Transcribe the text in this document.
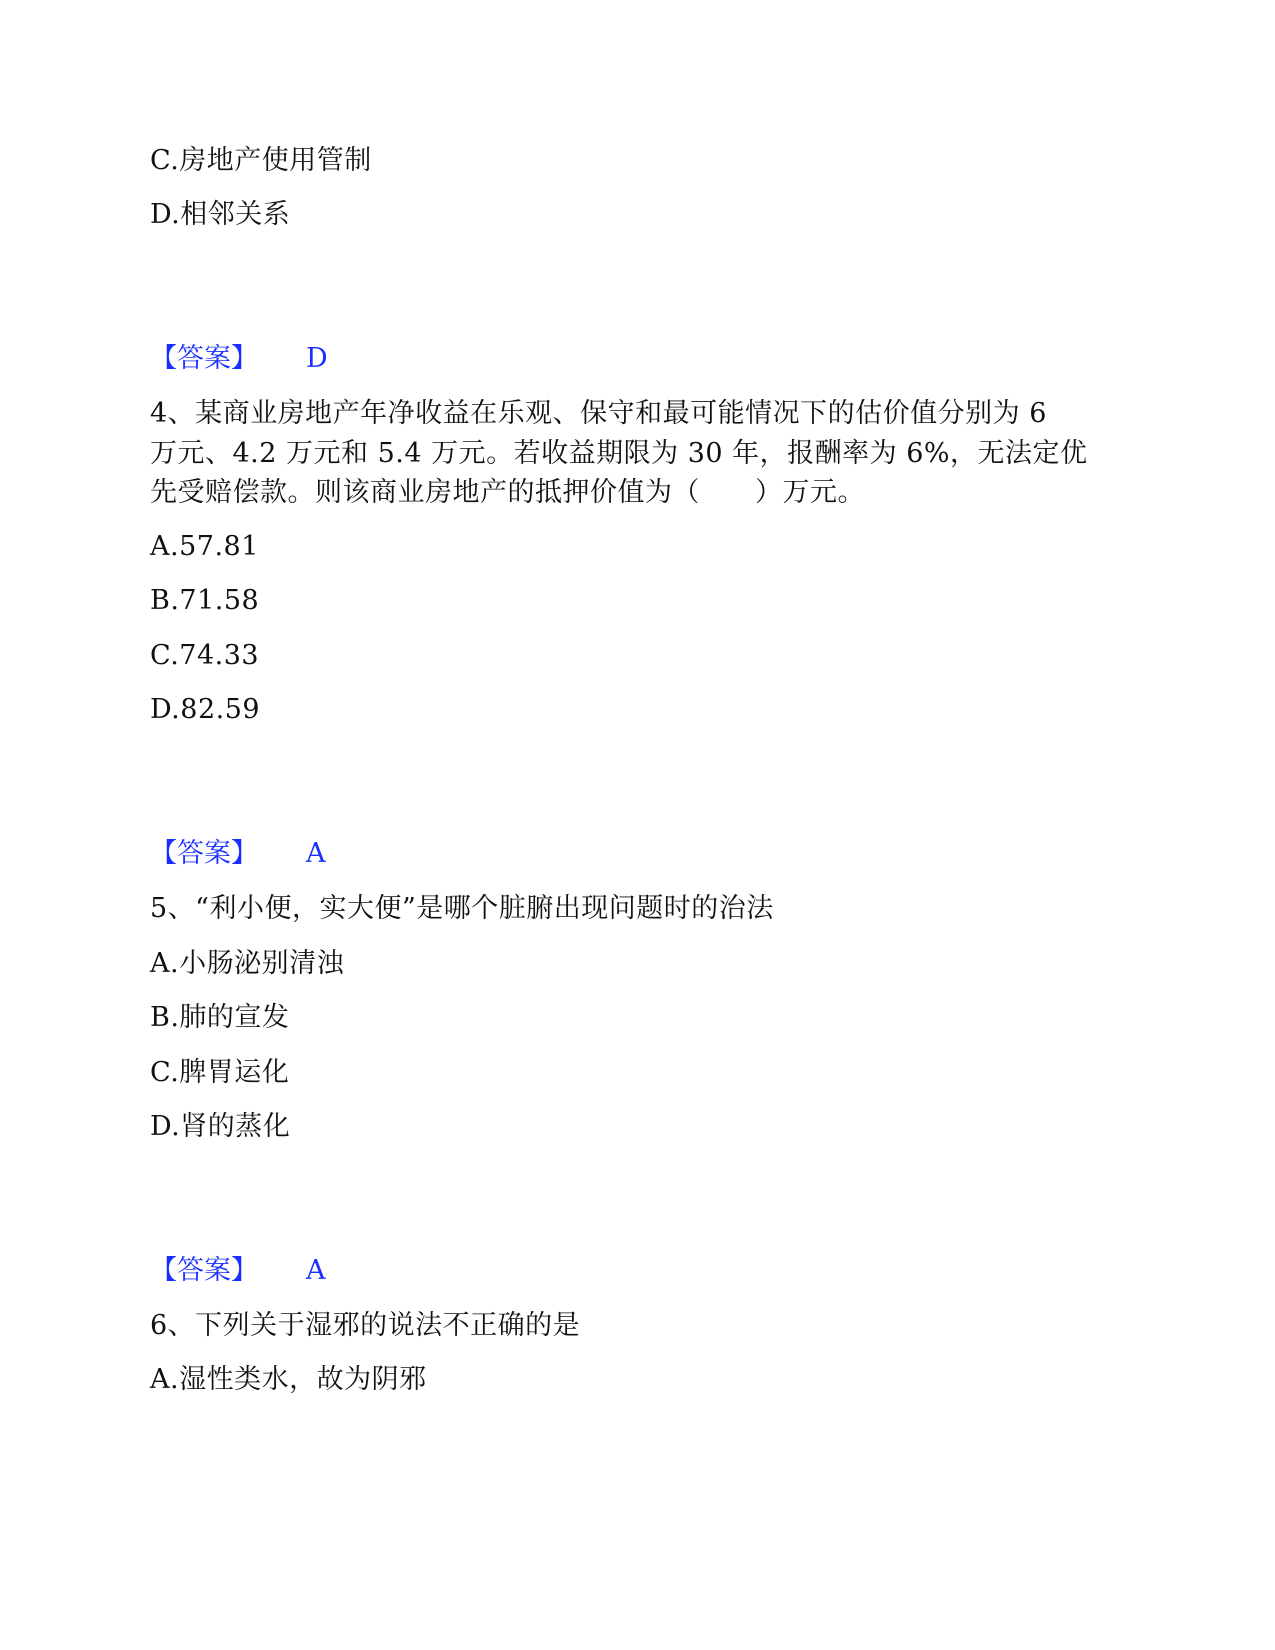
C.房地产使用管制
D.相邻关系
【答案】 D
4、某商业房地产年净收益在乐观、保守和最可能情况下的估价值分别为 6
万元、4.2 万元和 5.4 万元。若收益期限为 30 年，报酬率为 6%，无法定优
先受赔偿款。则该商业房地产的抵押价值为（　　）万元。
A.57.81
B.71.58
C.74.33
D.82.59
【答案】 A
5、“利小便，实大便”是哪个脏腑出现问题时的治法
A.小肠泌别清浊
B.肺的宣发
C.脾胃运化
D.肾的蒸化
【答案】 A
6、下列关于湿邪的说法不正确的是
A.湿性类水，故为阴邪
